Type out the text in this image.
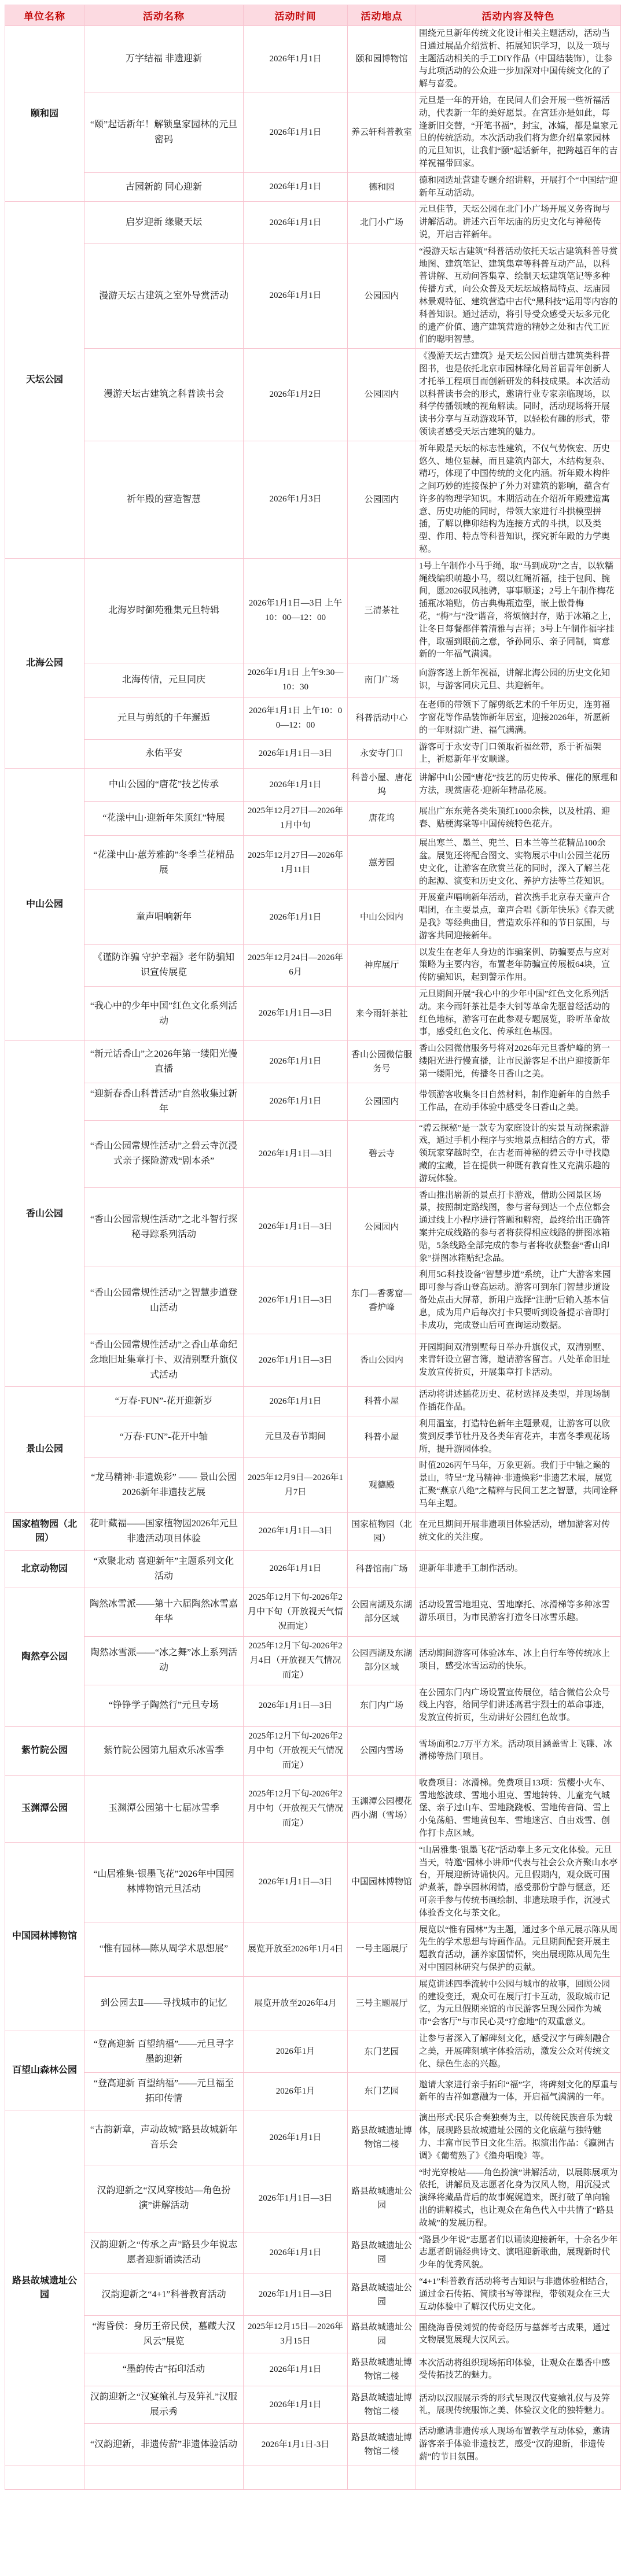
单位名称	活动名称	活动时间	活动地点	活动内容及特色
颐和园	万字结福 非遗迎新	2026年1月1日	颐和园博物馆	围绕元旦新年传统文化设计相关主题活动，活动当日通过展品介绍赏析、拓展知识学习，以及一项与主题活动相关的手工DIY作品（中国结装饰），让参与此项活动的公众进一步加深对中国传统文化的了解与喜爱。
	“颐”起话新年！解锁皇家园林的元旦密码	2026年1月1日	养云轩科普教室	元旦是一年的开始，在民间人们会开展一些祈福活动，代表新一年的美好愿景。在宫廷亦是如此，每逢新旧交替，“开笔书福”，封宝，冰嬉，都是皇家元旦的传统活动。本次活动我们将为您介绍皇家园林的元旦知识，让我们“颐”起话新年，把跨越百年的吉祥祝福带回家。
	古园新韵 同心迎新	2026年1月1日	德和园	德和园选址营建专题介绍讲解，开展打个“中国结”迎新年互动活动。
天坛公园	启岁迎新 缘聚天坛	2026年1月1日	北门小广场	元旦佳节，天坛公园在北门小广场开展义务咨询与讲解活动。讲述六百年坛庙的历史文化与神秘传说，开启吉祥新年。
	漫游天坛古建筑之室外导赏活动	2026年1月1日	公园园内	“漫游天坛古建筑”科普活动依托天坛古建筑科普导赏地图、建筑笔记、建筑集章等科普互动产品，以科普讲解、互动问答集章、绘制天坛建筑笔记等多种传播方式，向公众普及天坛坛域格局特点、坛庙园林景观特征、建筑营造中古代“黑科技”运用等内容的科普知识。通过活动，将引导受众感受天坛多元化的遗产价值、遗产建筑营造的精妙之处和古代工匠们的聪明智慧。
	漫游天坛古建筑之科普读书会	2026年1月2日	公园园内	《漫游天坛古建筑》是天坛公园首册古建筑类科普图书，也是依托北京市园林绿化局首届青年创新人才托举工程项目而创新研发的科技成果。本次活动以科普读书会的形式，邀请行业专家亲临现场，以科学传播领域的视角解读。同时，活动现场将开展读书分享与互动游戏环节，以轻松有趣的形式，带领读者感受天坛古建筑的魅力。
	祈年殿的营造智慧	2026年1月3日	公园园内	祈年殿是天坛的标志性建筑，不仅气势恢宏、历史悠久、地位显赫，而且建筑内部大，木结构复杂、精巧，体现了中国传统的文化内涵。祈年殿木构件之间巧妙的连接保护了外力对建筑的影响，蕴含有许多的物理学知识。本期活动在介绍祈年殿建造寓意、历史功能的同时，带领大家进行斗拱模型拼插，了解以榫卯结构为连接方式的斗拱，以及类型、作用、特点等科普知识，探究祈年殿的力学奥秘。
北海公园	北海岁时御苑雅集元旦特辑	2026年1月1日—3日 上午10：00—12：00	三清茶社	1号上午制作小马手绳，取“马到成功”之吉，以软糯绳线编织萌趣小马，缀以红绳祈福，挂于包间、腕间，愿2026驭风驰骋，事事顺遂；2号上午制作梅花插瓶冰箱贴，仿古典梅瓶造型，嵌上傲骨梅花，“梅”与“没”谐音，将烦恼封存，贴于冰箱之上，让冬日每餐都伴着清雅与吉祥；3号上午制作福字挂件，取福到眼前之意，爷孙同乐、亲子同制，寓意新的一年福气满满。
	北海传情，元旦同庆	2026年1月1日 上午9:30—10：30	南门广场	向游客送上新年祝福，讲解北海公园的历史文化知识，与游客同庆元旦、共迎新年。
	元旦与剪纸的千年邂逅	2026年1月1日 上午10：00—12：00	科普活动中心	在老师的带领下了解剪纸艺术的千年历史，连剪福字窗花等作品装饰新年居室，迎接2026年，祈愿新的一年财源广进、福气满满。
	永佑平安	2026年1月1日—3日	永安寺门口	游客可于永安寺门口领取祈福丝带，系于祈福架上，祈愿新年平安顺遂。
中山公园	中山公园的“唐花”技艺传承	2026年1月1日	科普小屋、唐花坞	讲解中山公园“唐花”技艺的历史传承、催花的原理和方法，现赏唐花·迎新年精品花展。
	“花漾中山·迎新年朱顶红”特展	2025年12月27日—2026年1月中旬	唐花坞	展出广东东莞各类朱顶红1000余株，以及杜鹃、迎春、贴梗海棠等中国传统特色花卉。
	“花漾中山·蕙芳雅韵”冬季兰花精品展	2025年12月27日—2026年1月11日	蕙芳园	展出寒兰、墨兰、兜兰、日本兰等兰花精品100余盆。展览还将配合图文、实物展示中山公园兰花历史文化，让游客在欣赏兰花的同时，深入了解兰花的起源、演变和历史文化、养护方法等兰花知识。
	童声唱响新年	2026年1月1日	中山公园内	开展童声唱响新年活动，首次携手北京春天童声合唱团，在主要景点，童声合唱《新年快乐》《春天就是我》等经典曲目，营造欢乐祥和的节日氛围，与游客共同迎接新年。
	《谨防诈骗 守护幸福》老年防骗知识宣传展览	2025年12月24日—2026年6月	神库展厅	以发生在老年人身边的诈骗案例、防骗要点与应对策略为主要内容，布置老年防骗宣传展板64块，宣传防骗知识，起到警示作用。
	“我心中的少年中国”红色文化系列活动	2026年1月1日—3日	来今雨轩茶社	元旦期间开展“我心中的少年中国”红色文化系列活动。来今雨轩茶社是李大钊等革命先驱曾经活动的红色地标，游客可在此参观专题展览，聆听革命故事，感受红色文化、传承红色基因。
香山公园	“新元话香山”之2026年第一缕阳光慢直播	2026年1月1日	香山公园微信服务号	香山公园微信服务号将对2026年元旦香炉峰的第一缕阳光进行慢直播，让市民游客足不出户迎接新年第一缕阳光，传播冬日香山之美。
	“迎新春香山科普活动”自然收集过新年	2026年1月1日	公园园内	带领游客收集冬日自然材料，制作迎新年的自然手工作品，在动手体验中感受冬日香山之美。
	“香山公园常规性活动”之碧云寺沉浸式亲子探险游戏“剧本杀”	2026年1月1日—3日	碧云寺	“碧云探秘”是一款专为家庭设计的实景互动探索游戏，通过手机小程序与实地景点相结合的方式，带领玩家穿越时空，在古老而神秘的碧云寺中寻找隐藏的宝藏，旨在提供一种既有教育性又充满乐趣的游玩体验。
	“香山公园常规性活动”之北斗智行探秘寻踪系列活动	2026年1月1日—3日	公园园内	香山推出崭新的景点打卡游戏，借助公园景区场景，按照制定路线图，参与者每到达一个点位都会通过线上小程序进行答题和解密，最终给出正确答案并完成线路的参与者将获得相应线路的拼图冰箱贴，5条线路全部完成的参与者将收获整套“香山印象”拼图冰箱贴纪念品。
	“香山公园常规性活动”之智慧步道登山活动	2026年1月1日—3日	东门—香雾窟—香炉峰	利用5G科技设备“智慧步道”系统，让广大游客来园即可参与香山登高运动。游客可到东门智慧步道设备处点击大屏幕，新用户选择“注册”后输入基本信息，成为用户后每次打卡只要听到设备提示音即打卡成功，完成登山后可查询运动数据。
	“香山公园常规性活动”之香山革命纪念地旧址集章打卡、双清别墅升旗仪式活动	2026年1月1日—3日	香山公园内	开园期间双清别墅每日举办升旗仪式，双清别墅、来青轩设立留言簿，邀请游客留言。八处革命旧址发放宣传折页，开展集章打卡活动。
景山公园	“万春·FUN”-花开迎新岁	2026年1月1日	科普小屋	活动将讲述插花历史、花材选择及类型，并现场制作插花作品。
	“万春·FUN”-花开中轴	元旦及春节期间	科普小屋	利用温室，打造特色新年主题景观，让游客可以欣赏到反季节牡丹及各类年宵花卉，丰富冬季观花场所，提升游园体验。
	“龙马精神·非遗焕彩” —— 景山公园2026新年非遗技艺展	2025年12月9日—2026年1月7日	观德殿	时值2026丙午马年，万象更新。我们于中轴之巅的景山，特呈“龙马精神·非遗焕彩”非遗艺术展，展览汇聚“燕京八绝”之精粹与民间工艺之智慧，共同诠释马年主题。
国家植物园（北园）	花叶藏福——国家植物园2026年元旦非遗活动项目体验	2026年1月1日—3日	国家植物园（北园）	在元旦期间开展非遗项目体验活动，增加游客对传统文化的关注度。
北京动物园	“欢聚北动 喜迎新年”主题系列文化活动	2026年1月1日	科普馆南广场	迎新年非遗手工制作活动。
陶然亭公园	陶然冰雪派——第十六届陶然冰雪嘉年华	2025年12月下旬-2026年2月中下旬（开放视天气情况而定）	公园南湖及东湖部分区域	活动设置雪地坦克、雪地摩托、冰滑梯等多种冰雪游乐项目，为市民游客打造冬日冰雪乐趣。
	陶然冰雪派——“冰之舞”冰上系列活动	2025年12月下旬-2026年2月4日（开放视天气情况而定）	公园西湖及东湖部分区域	活动期间游客可体验冰车、冰上自行车等传统冰上项目，感受冰雪运动的快乐。
	“铮铮学子陶然行”元旦专场	2026年1月1日—3日	东门内广场	在公园东门内广场设置宣传展位，结合微信公众号线上内容，给同学们讲述高君宇烈士的革命事迹，发放宣传折页，生动讲好公园红色故事。
紫竹院公园	紫竹院公园第九届欢乐冰雪季	2025年12月下旬-2026年2月中旬（开放视天气情况而定）	公园内雪场	雪场面积2.7万平方米。活动项目涵盖雪上飞碟、冰滑梯等热门项目。
玉渊潭公园	玉渊潭公园第十七届冰雪季	2025年12月下旬-2026年2月中旬（开放视天气情况而定）	玉渊潭公园樱花西小湖（雪场）	收费项目：冰滑梯。免费项目13项：赏樱小火车、雪地悠波球、雪地小坦克、雪地转转、儿童充气城堡、亲子过山车、雪地跷跷板、雪地传音筒、雪上小兔荡船、雪地黄包车、雪地迷宫、自由戏雪、创作打卡点区域。
中国园林博物馆	“山居雅集·银墨飞花”2026年中国园林博物馆元旦活动	2026年1月1日—3日	中国园林博物馆	“山居雅集·银墨飞花”活动奉上多元文化体验。元旦当天，特邀“园林小讲师”代表与社会公众齐聚山水亭台，开展迎新诗诵快闪。元旦假期内，观众既可围炉煮茶，静享园林闲情，感受那份宁静与惬意，还可亲手参与传统书画绘制、非遗珐琅手作，沉浸式体验香文化与茶文化。
	“惟有园林—陈从周学术思想展”	展览开放至2026年1月4日	一号主题展厅	展览以“惟有园林”为主题，通过多个单元展示陈从周先生的学术思想与诗画作品。元旦期间配套开展主题教育活动，涵养家国情怀，突出展现陈从周先生对中国园林研究与保护的贡献。
	到公园去Ⅱ——寻找城市的记忆	展览开放至2026年4月	三号主题展厅	展览讲述四季流转中公园与城市的故事，回顾公园的建设变迁，观众可在展厅打卡互动，汲取城市记忆，为元旦假期来馆的市民游客呈现公园作为城市“会客厅”与市民心灵“疗愈地”的双重意义。
百望山森林公园	“登高迎新 百望纳福”——元旦寻字 墨韵迎新	2026年1月	东门艺园	让参与者深入了解碑刻文化，感受汉字与碑刻融合之美，开展碑刻填字体验活动，激发公众对传统文化、绿色生态的兴趣。
	“登高迎新 百望纳福”——元旦福至 拓印传情	2026年1月	东门艺园	邀请大家进行亲手拓印“福”字，将碑刻文化的厚重与新年的吉祥如意融为一体，开启福气满满的一年。
路县故城遗址公园	“古韵新章，声动故城”路县故城新年音乐会	2026年1月1日	路县故城遗址博物馆二楼	演出形式:民乐合奏独奏为主，以传统民族音乐为载体，展现路县故城遗址公园的文化底蕴与独特魅力、丰富市民节日文化生活。拟演出作品：《瀛洲古调》《葡萄熟了》《渔舟唱晚》等。
	汉韵迎新之“汉风穿梭站—角色扮演”讲解活动	2026年1月1日—3日	路县故城遗址公园	“时光穿梭站——角色扮演”讲解活动，以展陈展项为依托，讲解员及志愿者化身为汉风人物，用沉浸式演绎将藏品背后的故事娓娓道来，既打破了单向输出的讲解模式，也让观众在角色代入中共情了“路县故城”的发展历程。
	汉韵迎新之“传承之声”路县少年说志愿者迎新诵读活动	2026年1月1日	路县故城遗址公园	“路县少年说”志愿者们以诵读迎接新年，十余名少年志愿者朗诵经典诗文、演唱迎新歌曲，展现新时代少年的优秀风貌。
	汉韵迎新之“4+1”科普教育活动	2026年1月1日—3日	路县故城遗址公园	“4+1”科普教育活动将考古知识与非遗体验相结合，通过金石传拓、简牍书写等课程，带领观众在三大互动体验中了解汉代历史文化。
	“海昏侯：身历王帝民侯，墓藏大汉风云”展览	2025年12月15日—2026年3月15日	路县故城遗址公园	围绕海昏侯刘贺的传奇经历与墓葬考古成果，通过文物展览展现大汉风云。
	“墨韵传古”拓印活动	2026年1月1日	路县故城遗址博物馆二楼	本次活动将组织现场拓印体验，让观众在墨香中感受传拓技艺的魅力。
	汉韵迎新之“汉宴飨礼与及笄礼”汉服展示秀	2026年1月1日	路县故城遗址博物馆二楼	活动以汉服展示秀的形式呈现汉代宴飨礼仪与及笄礼，展现传统服饰之美、体验汉文化的独特魅力。
	“汉韵迎新，非遗传薪”非遗体验活动	2026年1月1日-3日	路县故城遗址博物馆二楼	活动邀请非遗传承人现场布置教学互动体验，邀请游客亲手体验非遗技艺，感受“汉韵迎新，非遗传薪”的节日氛围。
